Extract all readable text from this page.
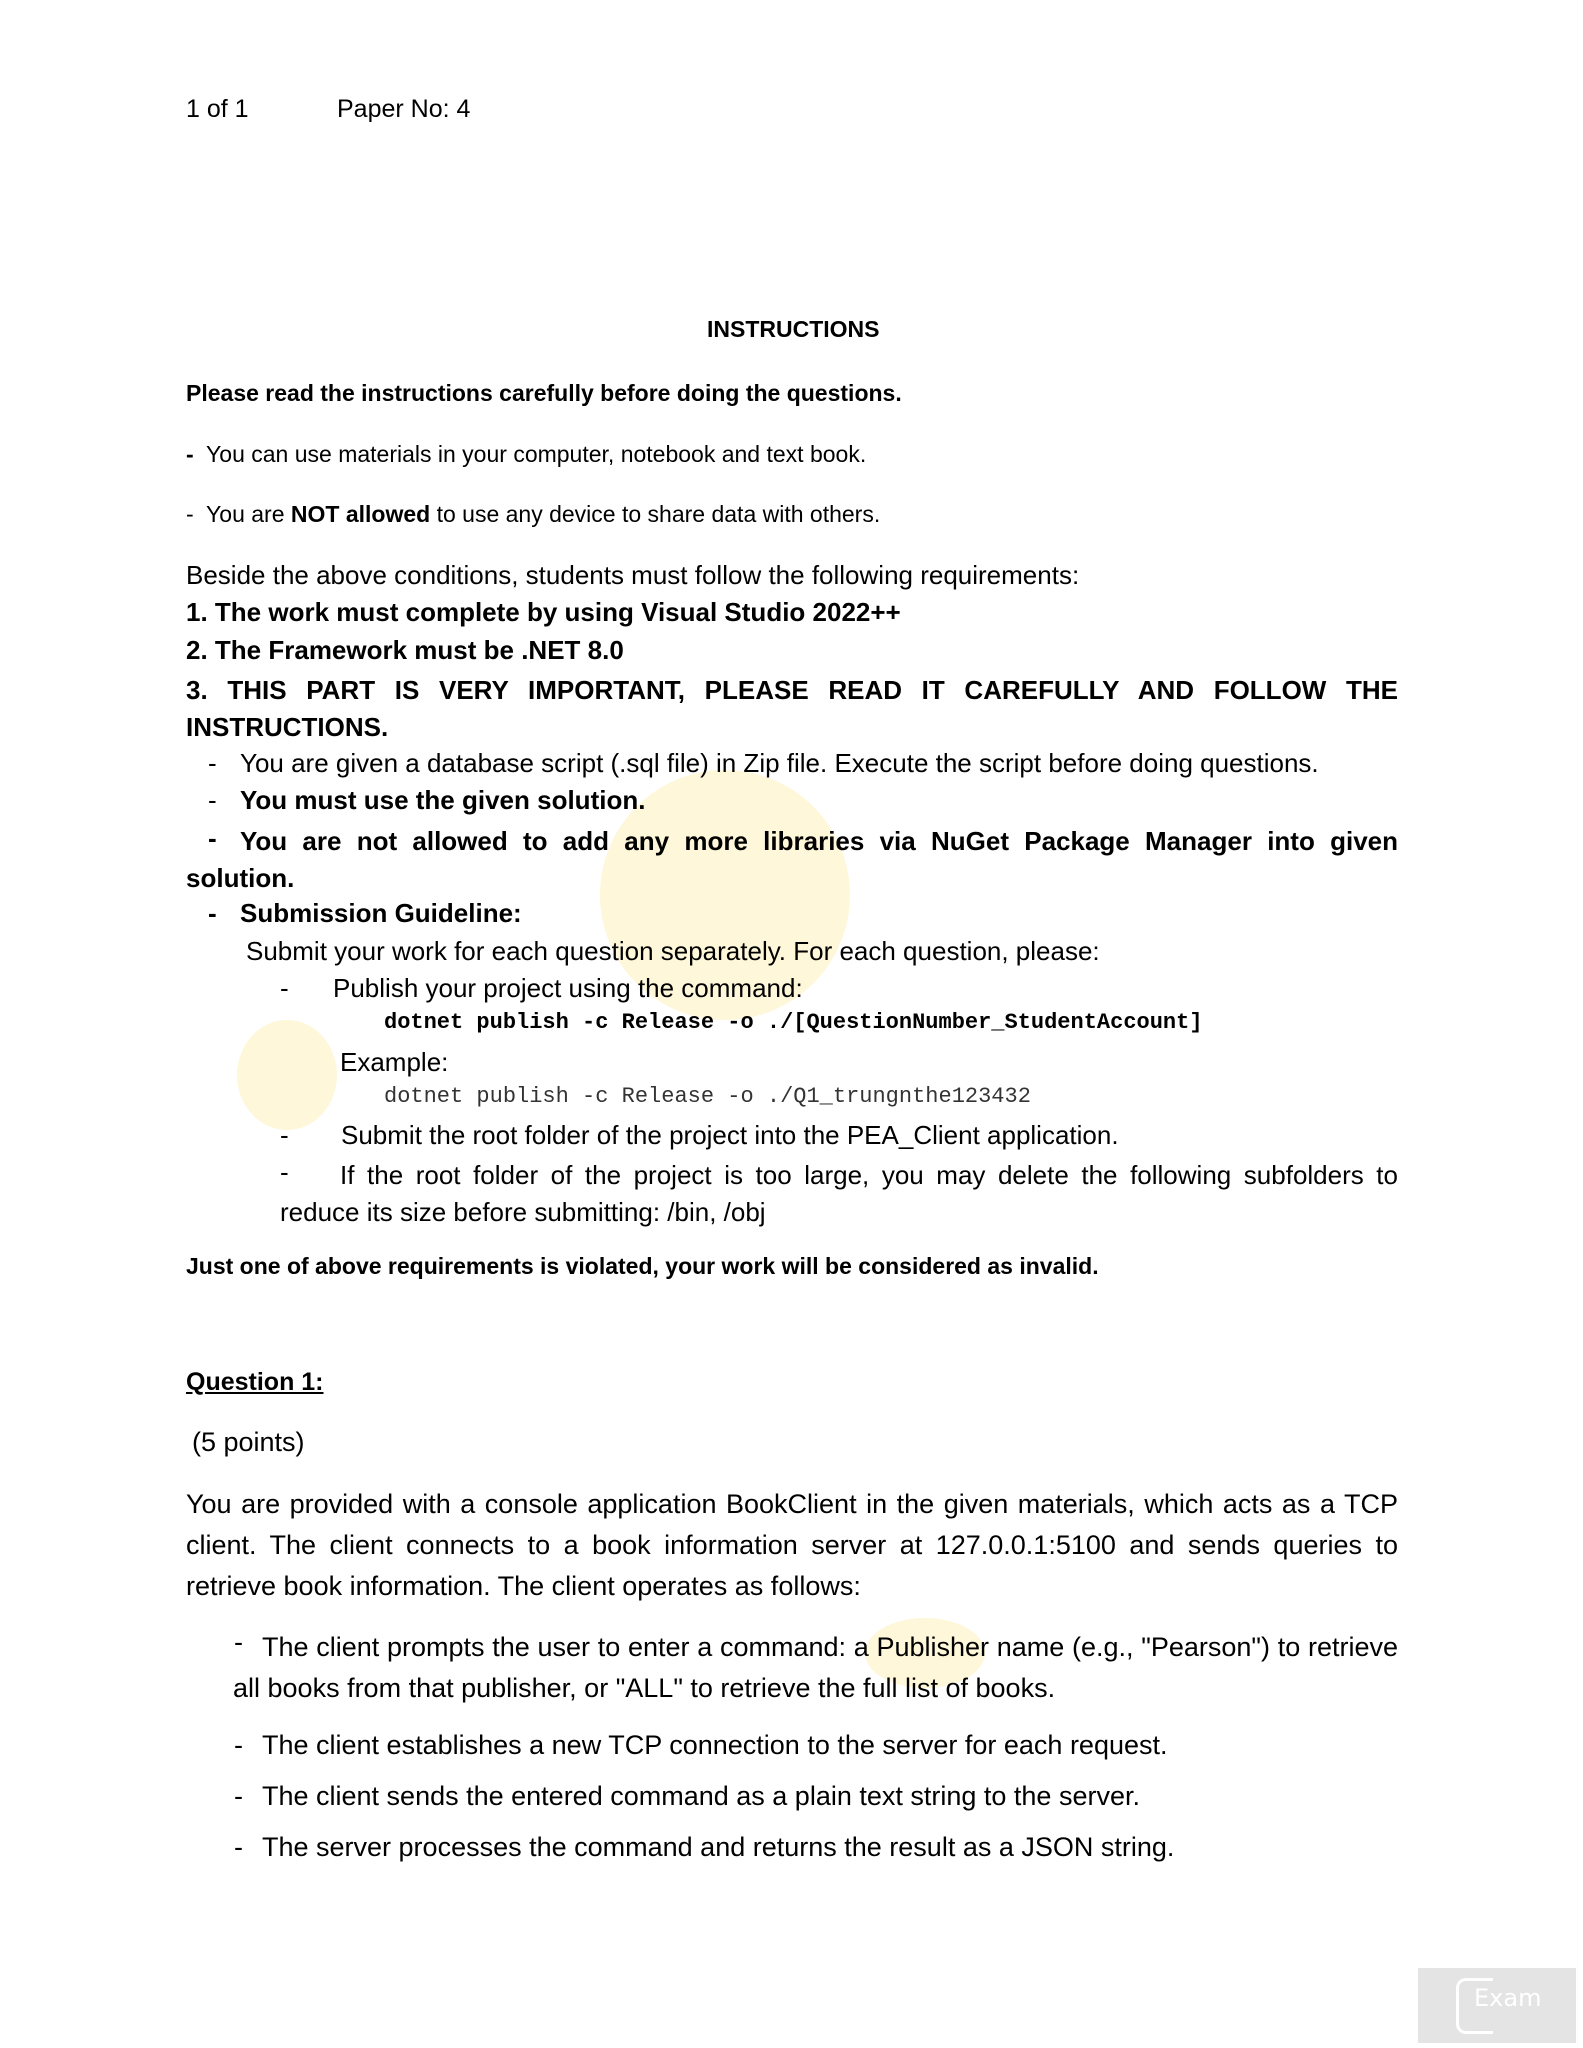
1 of 1	Paper No: 4
INSTRUCTIONS
Please read the instructions carefully before doing the questions.
- You can use materials in your computer, notebook and text book.
- You are NOT allowed to use any device to share data with others.
Beside the above conditions, students must follow the following requirements:
1. The work must complete by using Visual Studio 2022++
2. The Framework must be .NET 8.0
3. THIS PART IS VERY IMPORTANT, PLEASE READ IT CAREFULLY AND FOLLOW THE INSTRUCTIONS.
- You are given a database script (.sql file) in Zip file. Execute the script before doing questions.
- You must use the given solution.
- You are not allowed to add any more libraries via NuGet Package Manager into given solution.
- Submission Guideline:
Submit your work for each question separately. For each question, please:
- Publish your project using the command:
dotnet publish -c Release -o ./[QuestionNumber_StudentAccount]
Example:
dotnet publish -c Release -o ./Q1_trungnthe123432
- Submit the root folder of the project into the PEA_Client application.
-	If the root folder of the project is too large, you may delete the following subfolders to reduce its size before submitting: /bin, /obj
Just one of above requirements is violated, your work will be considered as invalid.
Question 1:
(5 points)
You are provided with a console application BookClient in the given materials, which acts as a TCP client. The client connects to a book information server at 127.0.0.1:5100 and sends queries to retrieve book information. The client operates as follows:
- The client prompts the user to enter a command: a Publisher name (e.g., "Pearson") to retrieve all books from that publisher, or "ALL" to retrieve the full list of books.
- The client establishes a new TCP connection to the server for each request.
- The client sends the entered command as a plain text string to the server.
- The server processes the command and returns the result as a JSON string.
Exam
